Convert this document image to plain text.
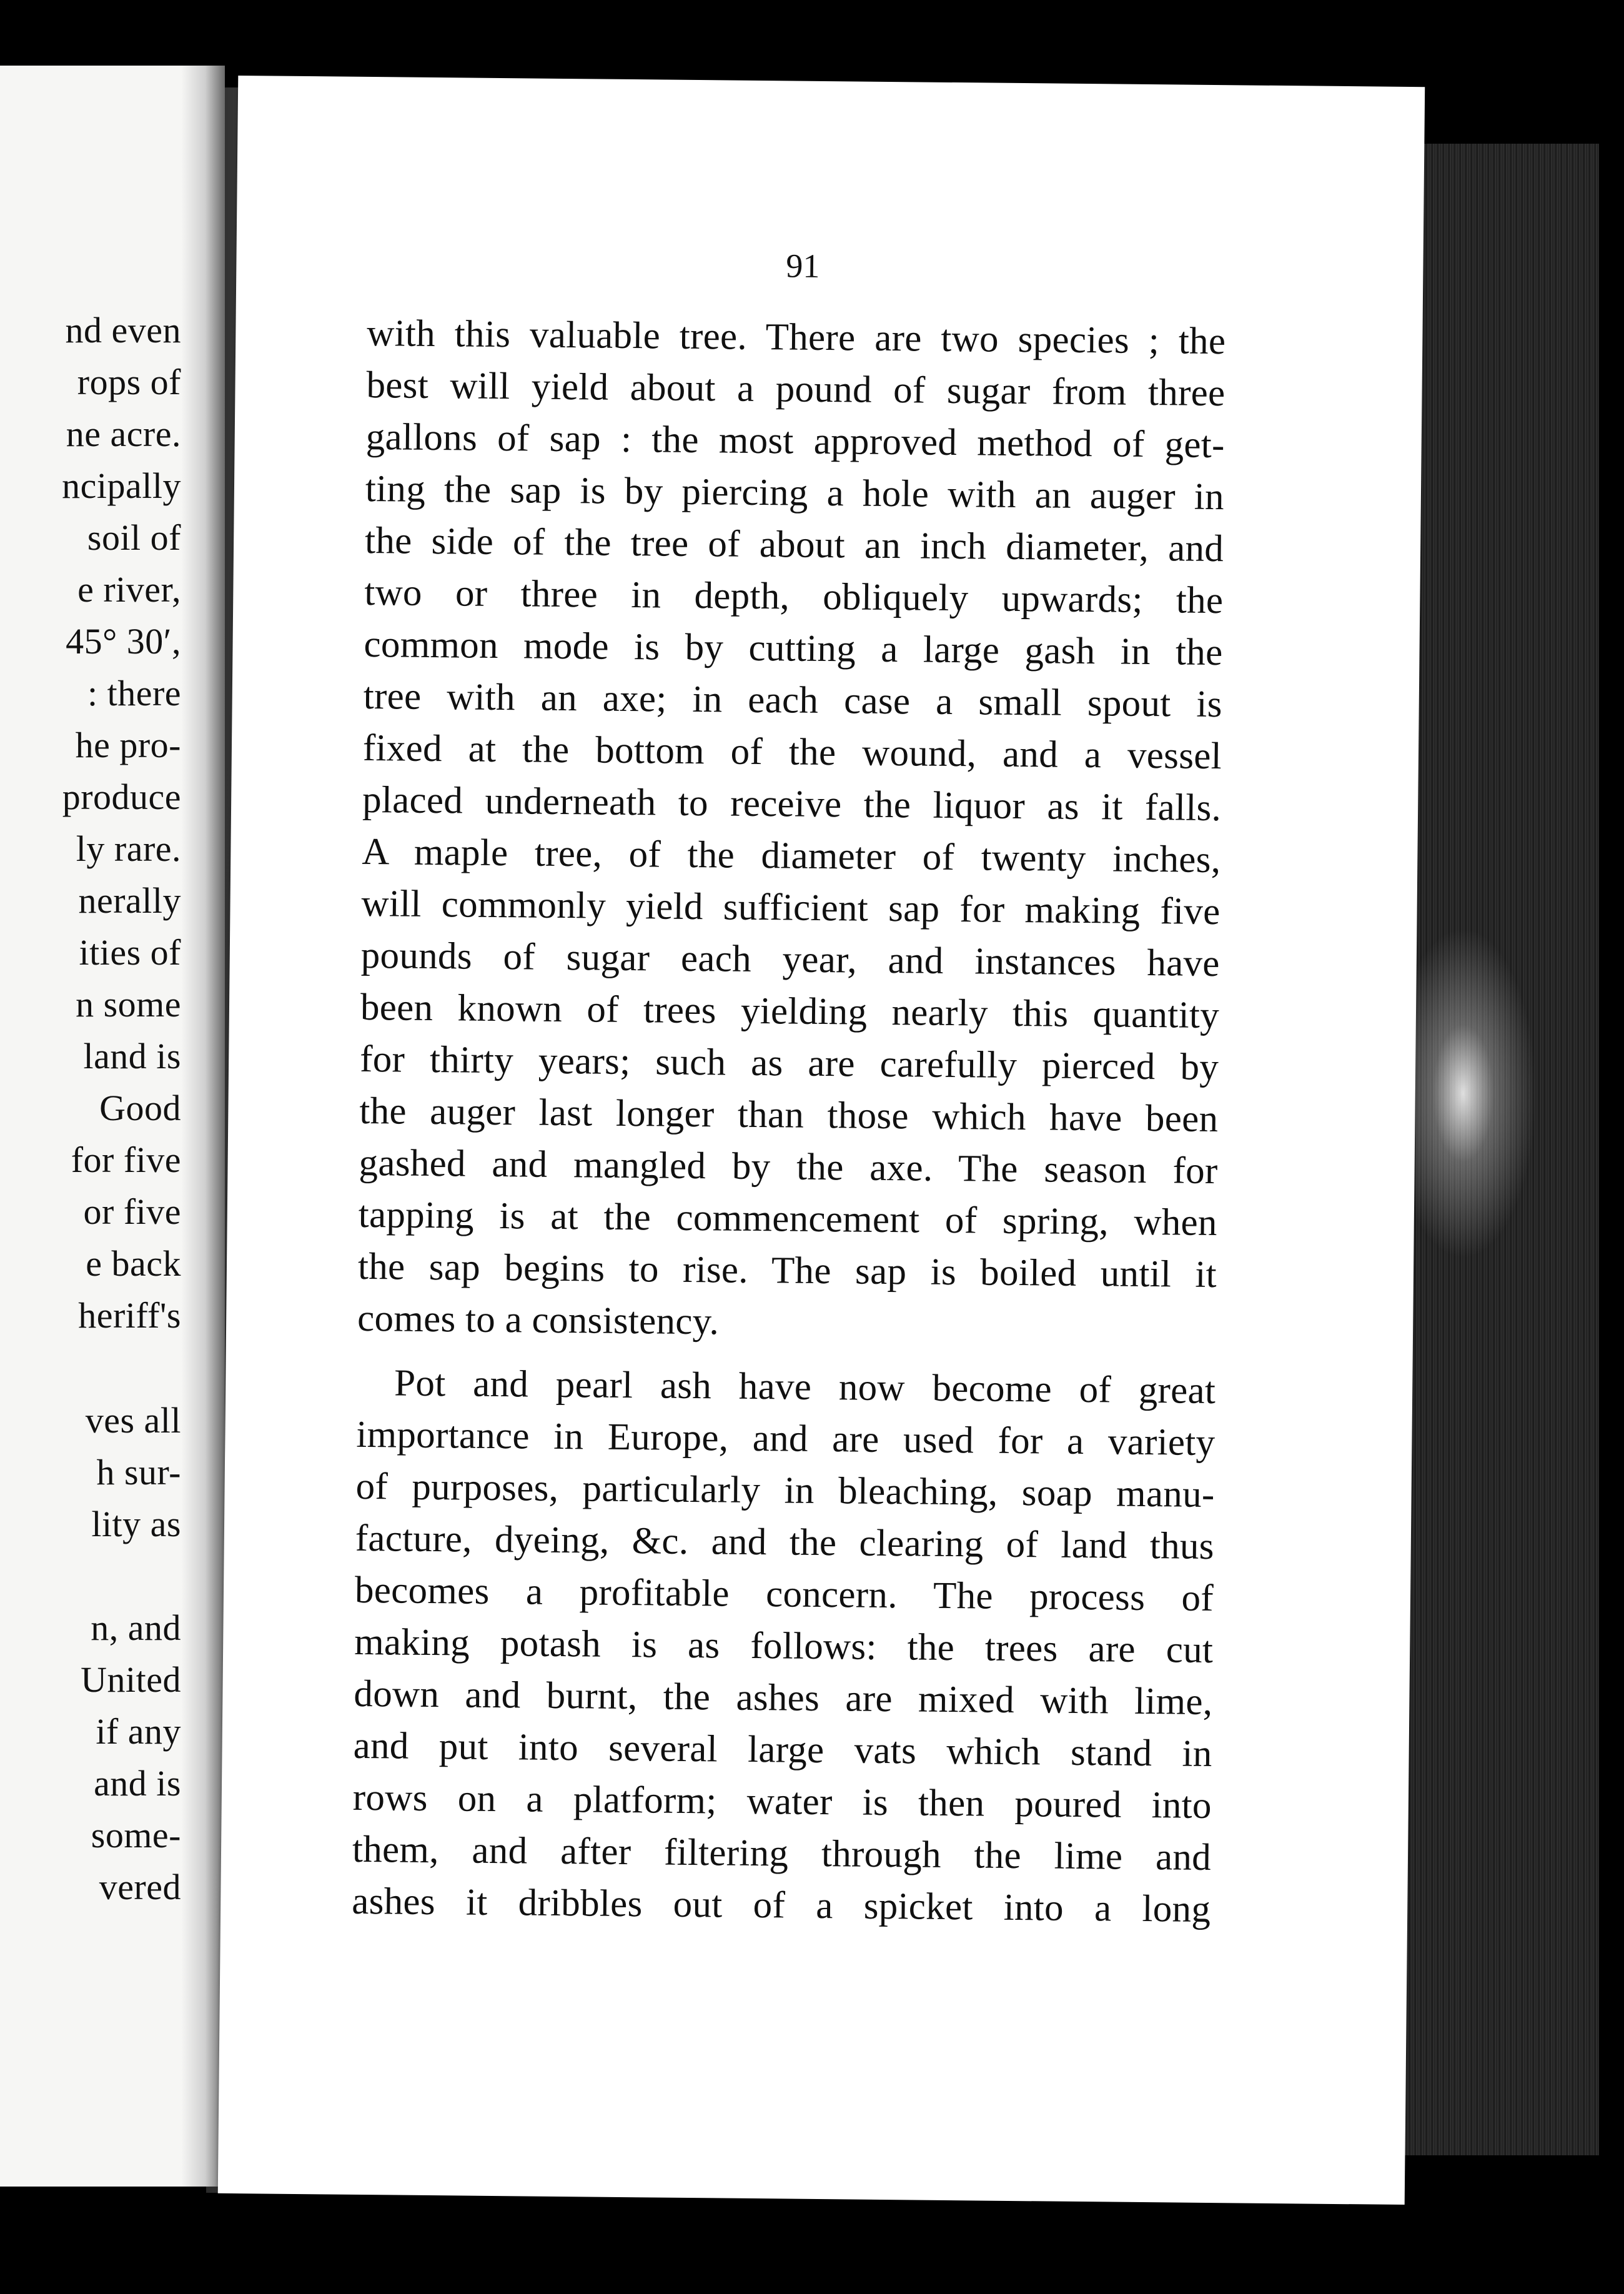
nd even
rops of
ne acre.
ncipally
soil of
e river,
45° 30′,
: there
he pro-
produce
ly rare.
nerally
ities of
n some
land is
Good
for five
or five
e back
heriff's
ves all
h sur-
lity as
n, and
United
if any
and is
some-
vered
91
with this valuable tree. There are two species ; the
best will yield about a pound of sugar from three
gallons of sap : the most approved method of get-
ting the sap is by piercing a hole with an auger in
the side of the tree of about an inch diameter, and
two or three in depth, obliquely upwards; the
common mode is by cutting a large gash in the
tree with an axe; in each case a small spout is
fixed at the bottom of the wound, and a vessel
placed underneath to receive the liquor as it falls.
A maple tree, of the diameter of twenty inches,
will commonly yield sufficient sap for making five
pounds of sugar each year, and instances have
been known of trees yielding nearly this quantity
for thirty years; such as are carefully pierced by
the auger last longer than those which have been
gashed and mangled by the axe. The season for
tapping is at the commencement of spring, when
the sap begins to rise. The sap is boiled until it
comes to a consistency.
Pot and pearl ash have now become of great
importance in Europe, and are used for a variety
of purposes, particularly in bleaching, soap manu-
facture, dyeing, &c. and the clearing of land thus
becomes a profitable concern. The process of
making potash is as follows: the trees are cut
down and burnt, the ashes are mixed with lime,
and put into several large vats which stand in
rows on a platform; water is then poured into
them, and after filtering through the lime and
ashes it dribbles out of a spicket into a long
